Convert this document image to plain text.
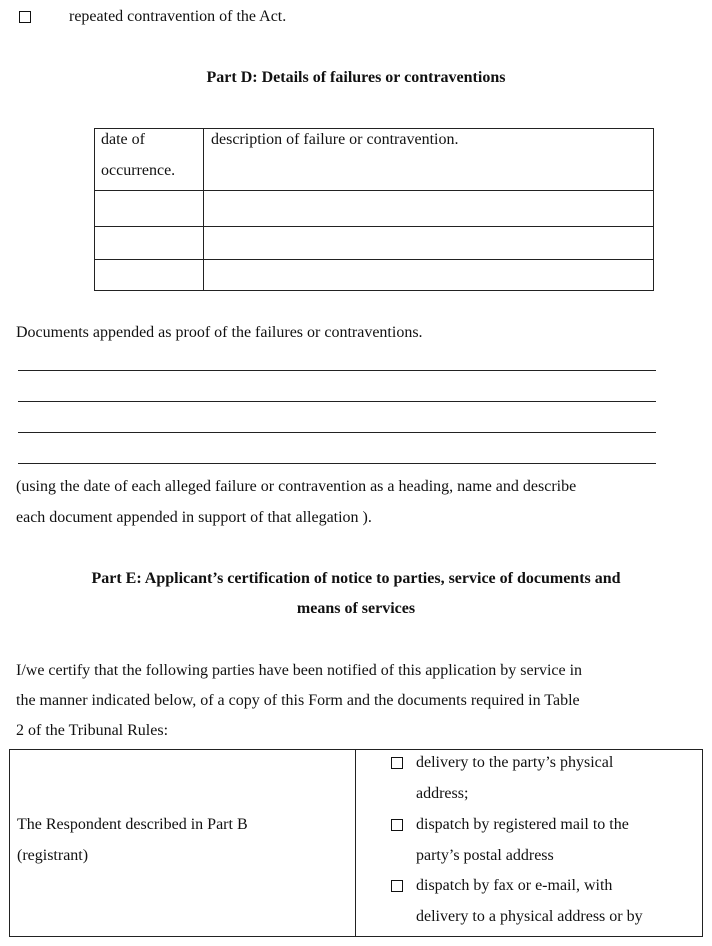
repeated contravention of the Act.
Part D: Details of failures or contraventions
date of
occurrence.
description of failure or contravention.
Documents appended as proof of the failures or contraventions.
(using the date of each alleged failure or contravention as a heading, name and describe
each document appended in support of that allegation ).
Part E: Applicant’s certification of notice to parties, service of documents and
means of services
I/we certify that the following parties have been notified of this application by service in
the manner indicated below, of a copy of this Form and the documents required in Table
2 of the Tribunal Rules:
The Respondent described in Part B
(registrant)
delivery to the party’s physical
address;
dispatch by registered mail to the
party’s postal address
dispatch by fax or e-mail, with
delivery to a physical address or by
